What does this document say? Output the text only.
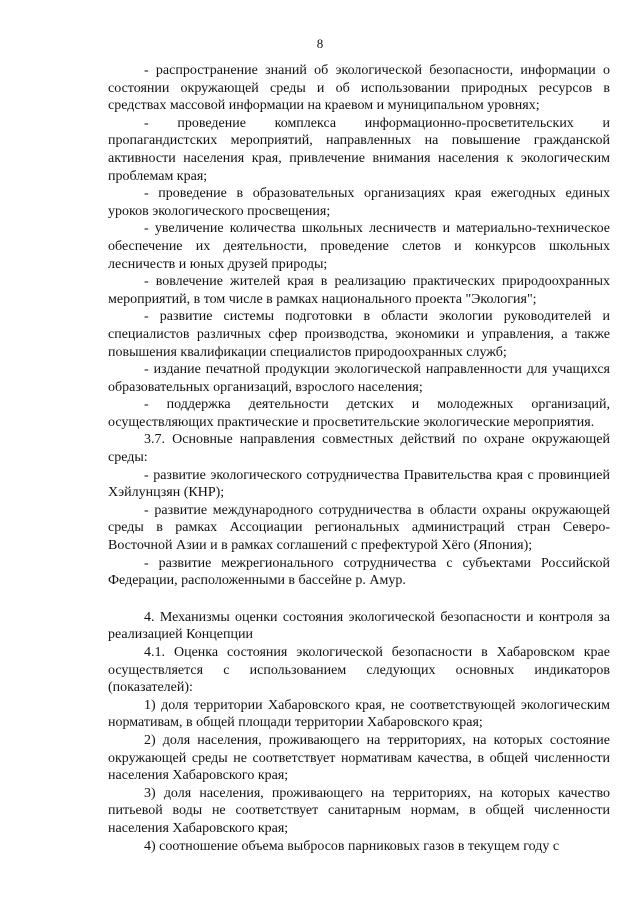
8

- распространение знаний об экологической безопасности, информации о состоянии окружающей среды и об использовании природных ресурсов в средствах массовой информации на краевом и муниципальном уровнях;

- проведение комплекса информационно-просветительских и пропагандистских мероприятий, направленных на повышение гражданской активности населения края, привлечение внимания населения к экологическим проблемам края;

- проведение в образовательных организациях края ежегодных единых уроков экологического просвещения;

- увеличение количества школьных лесничеств и материально-техническое обеспечение их деятельности, проведение слетов и конкурсов школьных лесничеств и юных друзей природы;

- вовлечение жителей края в реализацию практических природоохранных мероприятий, в том числе в рамках национального проекта "Экология";

- развитие системы подготовки в области экологии руководителей и специалистов различных сфер производства, экономики и управления, а также повышения квалификации специалистов природоохранных служб;

- издание печатной продукции экологической направленности для учащихся образовательных организаций, взрослого населения;

- поддержка деятельности детских и молодежных организаций, осуществляющих практические и просветительские экологические мероприятия.

3.7. Основные направления совместных действий по охране окружающей среды:

- развитие экологического сотрудничества Правительства края с провинцией Хэйлунцзян (КНР);

- развитие международного сотрудничества в области охраны окружающей среды в рамках Ассоциации региональных администраций стран Северо-Восточной Азии и в рамках соглашений с префектурой Хёго (Япония);

- развитие межрегионального сотрудничества с субъектами Российской Федерации, расположенными в бассейне р. Амур.

4. Механизмы оценки состояния экологической безопасности и контроля за реализацией Концепции

4.1. Оценка состояния экологической безопасности в Хабаровском крае осуществляется с использованием следующих основных индикаторов (показателей):

1) доля территории Хабаровского края, не соответствующей экологическим нормативам, в общей площади территории Хабаровского края;

2) доля населения, проживающего на территориях, на которых состояние окружающей среды не соответствует нормативам качества, в общей численности населения Хабаровского края;

3) доля населения, проживающего на территориях, на которых качество питьевой воды не соответствует санитарным нормам, в общей численности населения Хабаровского края;

4) соотношение объема выбросов парниковых газов в текущем году с
